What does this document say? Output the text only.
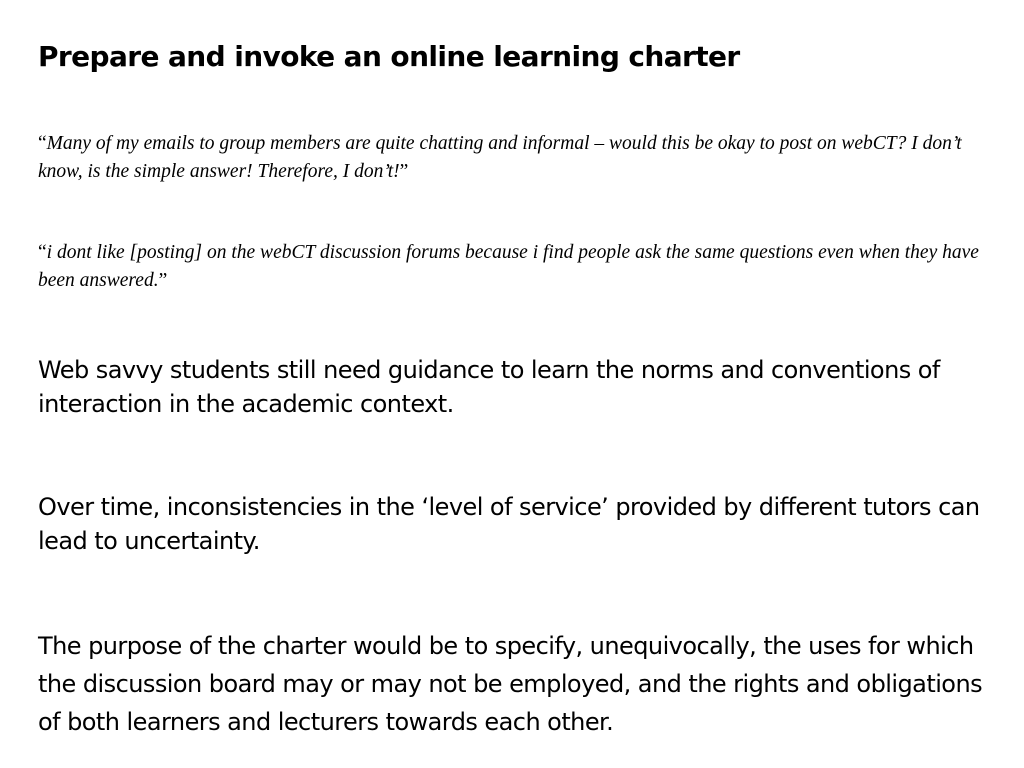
Prepare and invoke an online learning charter

“Many of my emails to group members are quite chatting and informal – would this be okay to post on webCT? I don’t know, is the simple answer! Therefore, I don’t!”

“i dont like [posting] on the webCT discussion forums because i find people ask the same questions even when they have been answered.”

Web savvy students still need guidance to learn the norms and conventions of interaction in the academic context.

Over time, inconsistencies in the ‘level of service’ provided by different tutors can lead to uncertainty.

The purpose of the charter would be to specify, unequivocally, the uses for which the discussion board may or may not be employed, and the rights and obligations of both learners and lecturers towards each other.
